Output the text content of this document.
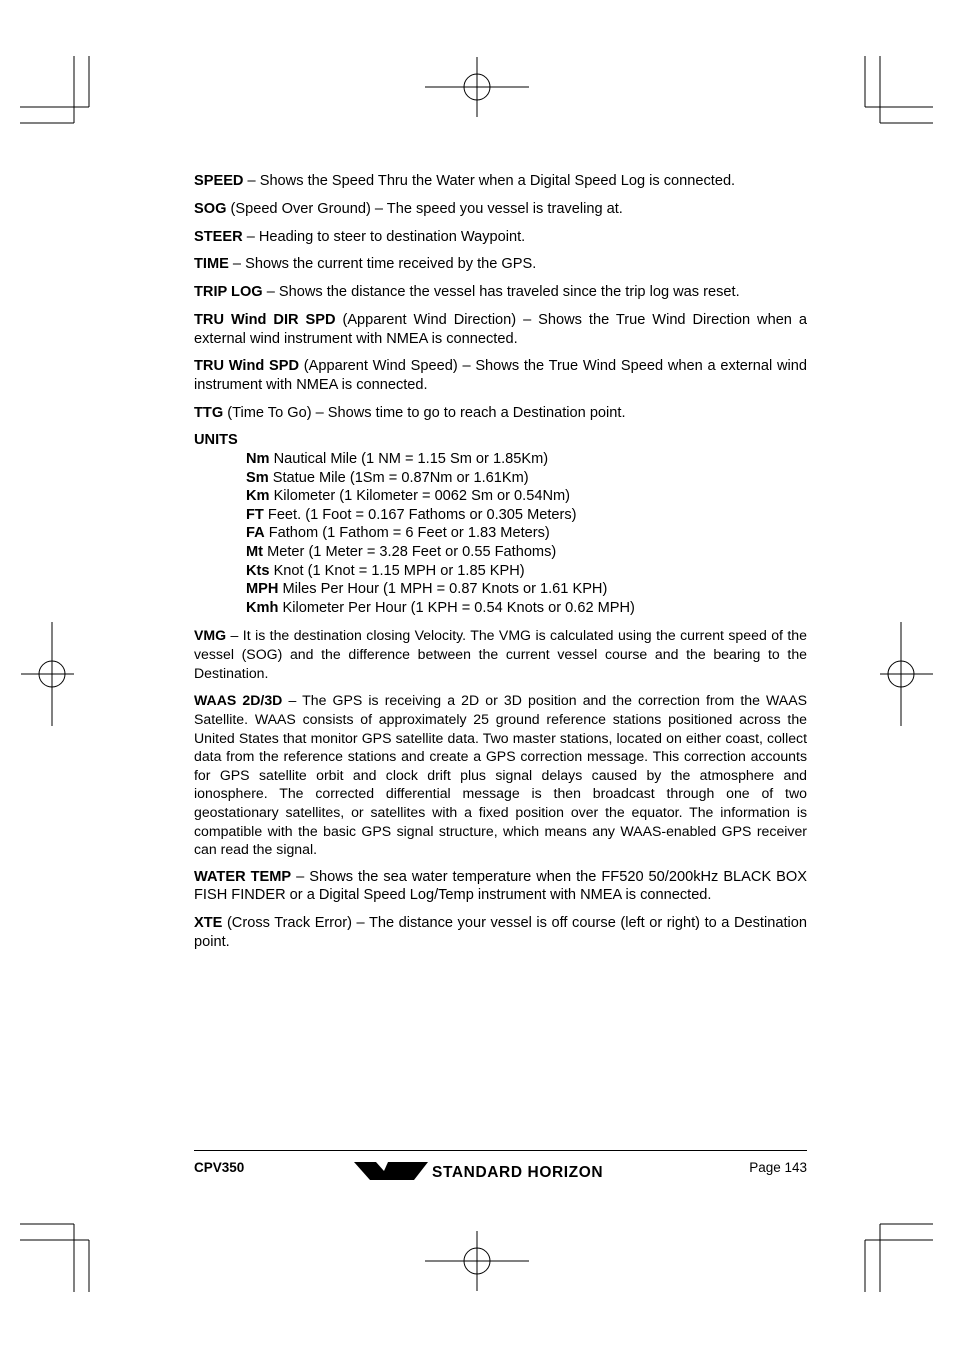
SPEED – Shows the Speed Thru the Water when a Digital Speed Log is connected.

SOG (Speed Over Ground) – The speed you vessel is traveling at.

STEER – Heading to steer to destination Waypoint.

TIME – Shows the current time received by the GPS.

TRIP LOG – Shows the distance the vessel has traveled since the trip log was reset.

TRU Wind DIR SPD (Apparent Wind Direction) – Shows the True Wind Direction when a external wind instrument with NMEA is connected.

TRU Wind SPD (Apparent Wind Speed) – Shows the True Wind Speed when a external wind instrument with NMEA is connected.

TTG (Time To Go) – Shows time to go to reach a Destination point.

UNITS

Nm Nautical Mile (1 NM = 1.15 Sm or 1.85Km)
Sm Statue Mile (1Sm = 0.87Nm or 1.61Km)
Km Kilometer (1 Kilometer = 0062 Sm or 0.54Nm)
FT Feet. (1 Foot = 0.167 Fathoms or 0.305 Meters)
FA Fathom (1 Fathom = 6 Feet or 1.83 Meters)
Mt Meter (1 Meter = 3.28 Feet or 0.55 Fathoms)
Kts Knot (1 Knot = 1.15 MPH or 1.85 KPH)
MPH Miles Per Hour (1 MPH = 0.87 Knots or 1.61 KPH)
Kmh Kilometer Per Hour (1 KPH = 0.54 Knots or 0.62 MPH)

VMG – It is the destination closing Velocity. The VMG is calculated using the current speed of the vessel (SOG) and the difference between the current vessel course and the bearing to the Destination.

WAAS 2D/3D – The GPS is receiving a 2D or 3D position and the correction from the WAAS Satellite. WAAS consists of approximately 25 ground reference stations positioned across the United States that monitor GPS satellite data. Two master stations, located on either coast, collect data from the reference stations and create a GPS correction message. This correction accounts for GPS satellite orbit and clock drift plus signal delays caused by the atmosphere and ionosphere. The corrected differential message is then broadcast through one of two geostationary satellites, or satellites with a fixed position over the equator. The information is compatible with the basic GPS signal structure, which means any WAAS-enabled GPS receiver can read the signal.

WATER TEMP – Shows the sea water temperature when the FF520 50/200kHz BLACK BOX FISH FINDER or a Digital Speed Log/Temp instrument with NMEA is connected.

XTE (Cross Track Error) – The distance your vessel is off course (left or right) to a Destination point.

CPV350	STANDARD HORIZON	Page 143
